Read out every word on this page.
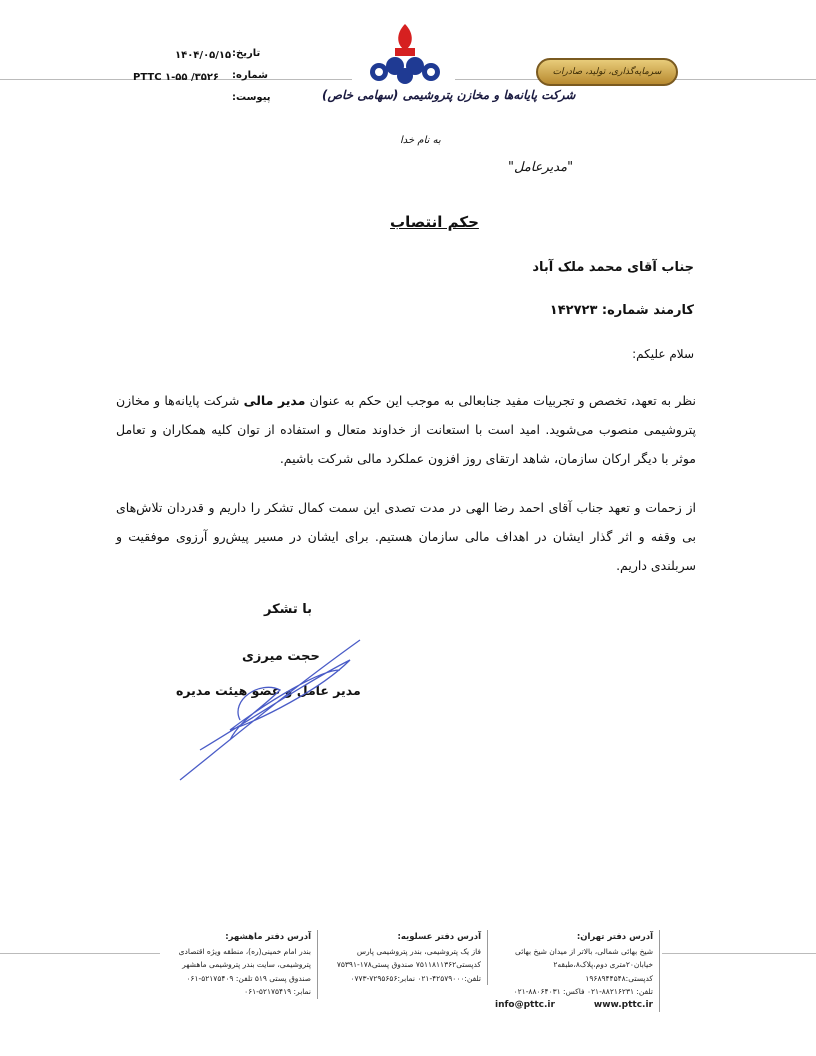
تاریخ:
۱۴۰۴/۰۵/۱۵
شماره:
PTTC ۱-۵۵ /۳۵۲۶
پیوست:	شرکت پایانه‌ها و مخازن پتروشیمی (سهامی خاص)
سرمایه‌گذاری، تولید، صادرات
به نام خدا
"مدیرعامل"
حکم انتصاب
جناب آقای محمد ملک آباد
کارمند شماره: ۱۴۲۷۲۳
سلام علیکم:
نظر به تعهد، تخصص و تجربیات مفید جنابعالی به موجب این حکم به عنوان مدیر مالی شرکت پایانه‌ها و مخازن پتروشیمی منصوب می‌شوید. امید است با استعانت از خداوند متعال و استفاده از توان کلیه همکاران و تعامل موثر با دیگر ارکان سازمان، شاهد ارتقای روز افزون عملکرد مالی شرکت باشیم.
از زحمات و تعهد جناب آقای احمد رضا الهی در مدت تصدی این سمت کمال تشکر را داریم و قدردان تلاش‌های بی وقفه و اثر گذار ایشان در اهداف مالی سازمان هستیم. برای ایشان در مسیر پیش‌رو آرزوی موفقیت و سربلندی داریم.
با تشکر
حجت میرزی
مدیر عامل و عضو هیئت مدیره
آدرس دفتر تهران:
شیخ بهائی شمالی، بالاتر از میدان شیخ بهائی
خیابان۲۰متری دوم،پلاک۸،طبقه۲ کدپستی:۱۹۶۸۹۴۴۵۴۸
تلفن: ۸۸۲۱۶۲۳۱-۰۲۱ فاکس: ۸۸۰۶۴۰۳۱-۰۲۱
www.pttc.ir
info@pttc.ir
آدرس دفتر عسلویه:
فاز یک پتروشیمی، بندر پتروشیمی پارس
کدپستی۷۵۱۱۸۱۱۳۶۲ صندوق پستی۱۷۸-۷۵۳۹۱
تلفن:۴۲۵۷۹۰۰۰-۰۲۱ نمابر:۷۲۹۵۶۵۶-۰۷۷۳
آدرس دفتر ماهشهر:
بندر امام خمینی(ره)، منطقه ویژه اقتصادی
پتروشیمی، سایت بندر پتروشیمی ماهشهر
صندوق پستی ۵۱۹ تلفن: ۵۲۱۷۵۴۰۹-۰۶۱
نمابر: ۵۲۱۷۵۴۱۹-۰۶۱
